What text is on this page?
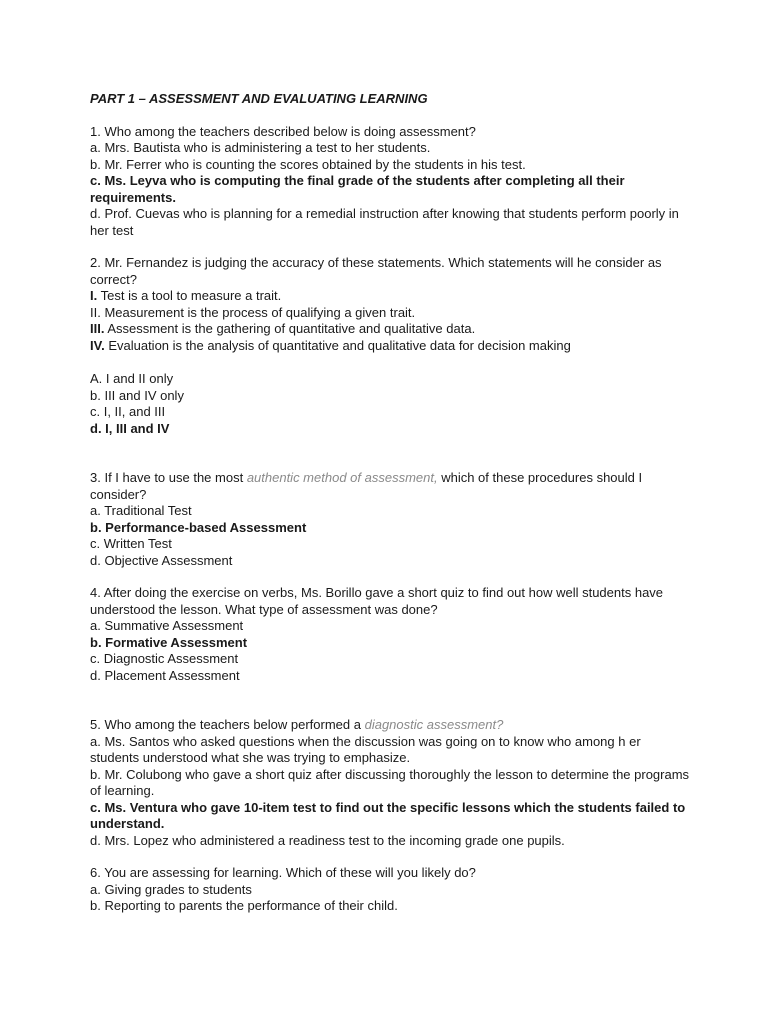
PART 1 – ASSESSMENT AND EVALUATING LEARNING
1. Who among the teachers described below is doing assessment?
a. Mrs. Bautista who is administering a test to her students.
b. Mr. Ferrer who is counting the scores obtained by the students in his test.
c. Ms. Leyva who is computing the final grade of the students after completing all their requirements.
d. Prof. Cuevas who is planning for a remedial instruction after knowing that students perform poorly in her test
2. Mr. Fernandez is judging the accuracy of these statements. Which statements will he consider as correct?
I. Test is a tool to measure a trait.
II. Measurement is the process of qualifying a given trait.
III. Assessment is the gathering of quantitative and qualitative data.
IV. Evaluation is the analysis of quantitative and qualitative data for decision making
A. I and II only
b. III and IV only
c. I, II, and III
d. I, III and IV
3. If I have to use the most authentic method of assessment, which of these procedures should I consider?
a. Traditional Test
b. Performance-based Assessment
c. Written Test
d. Objective Assessment
4. After doing the exercise on verbs, Ms. Borillo gave a short quiz to find out how well students have understood the lesson. What type of assessment was done?
a. Summative Assessment
b. Formative Assessment
c. Diagnostic Assessment
d. Placement Assessment
5. Who among the teachers below performed a diagnostic assessment?
a. Ms. Santos who asked questions when the discussion was going on to know who among h er students understood what she was trying to emphasize.
b. Mr. Colubong who gave a short quiz after discussing thoroughly the lesson to determine the programs of learning.
c. Ms. Ventura who gave 10-item test to find out the specific lessons which the students failed to understand.
d. Mrs. Lopez who administered a readiness test to the incoming grade one pupils.
6. You are assessing for learning. Which of these will you likely do?
a. Giving grades to students
b. Reporting to parents the performance of their child.
